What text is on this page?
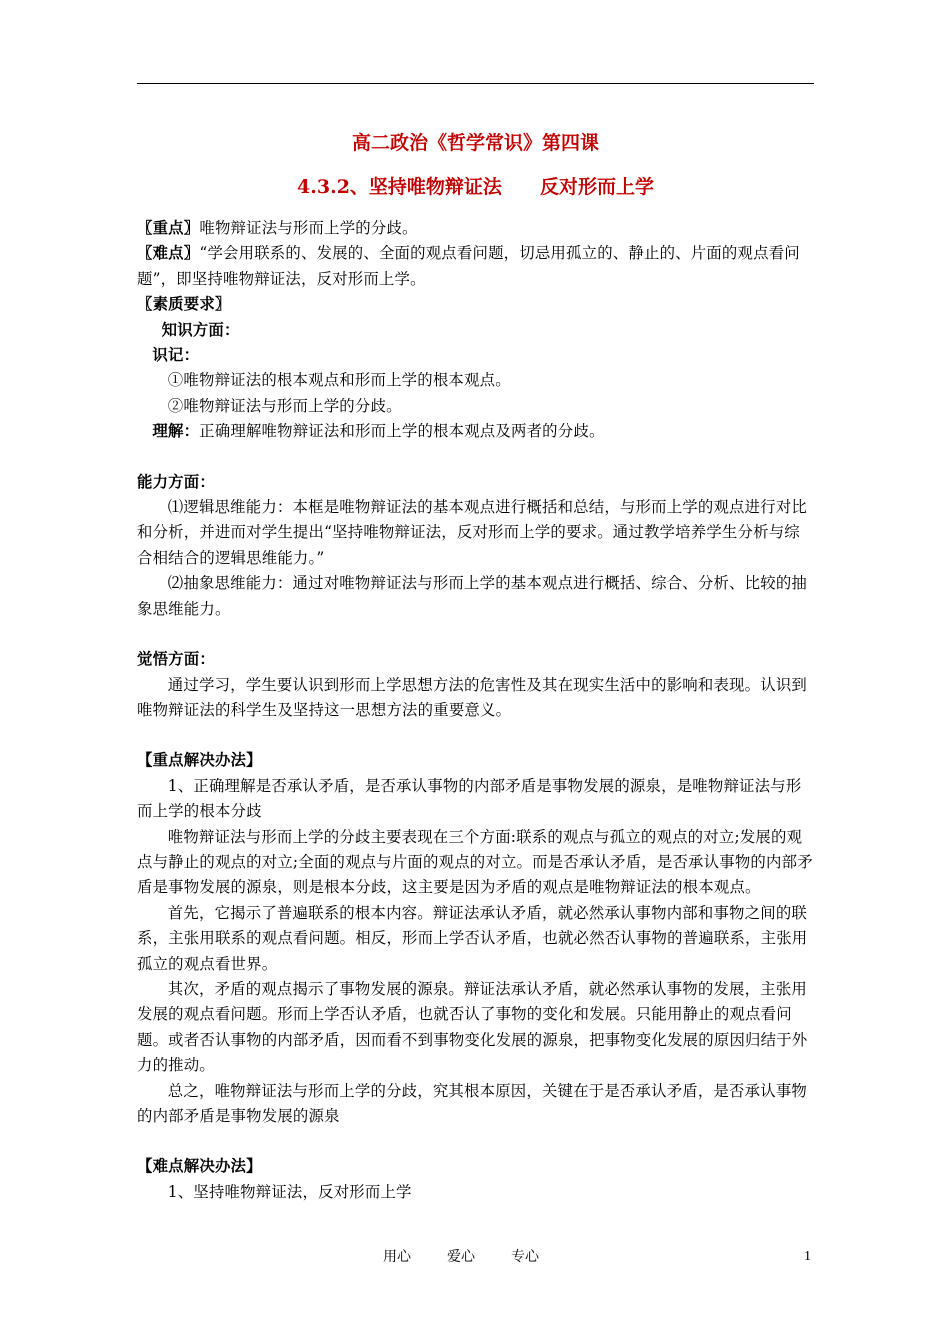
高二政治《哲学常识》第四课
4.3.2、坚持唯物辩证法　　反对形而上学

〖重点〗唯物辩证法与形而上学的分歧。

〖难点〗“学会用联系的、发展的、全面的观点看问题，切忌用孤立的、静止的、片面的观点看问题”，即坚持唯物辩证法，反对形而上学。

〖素质要求〗

知识方面：

识记：

①唯物辩证法的根本观点和形而上学的根本观点。

②唯物辩证法与形而上学的分歧。

理解：正确理解唯物辩证法和形而上学的根本观点及两者的分歧。

能力方面：

⑴逻辑思维能力：本框是唯物辩证法的基本观点进行概括和总结，与形而上学的观点进行对比和分析，并进而对学生提出“坚持唯物辩证法，反对形而上学的要求。通过教学培养学生分析与综合相结合的逻辑思维能力。”

⑵抽象思维能力：通过对唯物辩证法与形而上学的基本观点进行概括、综合、分析、比较的抽象思维能力。

觉悟方面：

通过学习，学生要认识到形而上学思想方法的危害性及其在现实生活中的影响和表现。认识到唯物辩证法的科学生及坚持这一思想方法的重要意义。

【重点解决办法】

1、正确理解是否承认矛盾，是否承认事物的内部矛盾是事物发展的源泉，是唯物辩证法与形而上学的根本分歧

唯物辩证法与形而上学的分歧主要表现在三个方面:联系的观点与孤立的观点的对立;发展的观点与静止的观点的对立;全面的观点与片面的观点的对立。而是否承认矛盾，是否承认事物的内部矛盾是事物发展的源泉，则是根本分歧，这主要是因为矛盾的观点是唯物辩证法的根本观点。

首先，它揭示了普遍联系的根本内容。辩证法承认矛盾，就必然承认事物内部和事物之间的联系，主张用联系的观点看问题。相反，形而上学否认矛盾，也就必然否认事物的普遍联系，主张用孤立的观点看世界。

其次，矛盾的观点揭示了事物发展的源泉。辩证法承认矛盾，就必然承认事物的发展，主张用发展的观点看问题。形而上学否认矛盾，也就否认了事物的变化和发展。只能用静止的观点看问题。或者否认事物的内部矛盾，因而看不到事物变化发展的源泉，把事物变化发展的原因归结于外力的推动。

总之，唯物辩证法与形而上学的分歧，究其根本原因，关键在于是否承认矛盾，是否承认事物的内部矛盾是事物发展的源泉

【难点解决办法】

1、坚持唯物辩证法，反对形而上学

用心	爱心	专心	1
